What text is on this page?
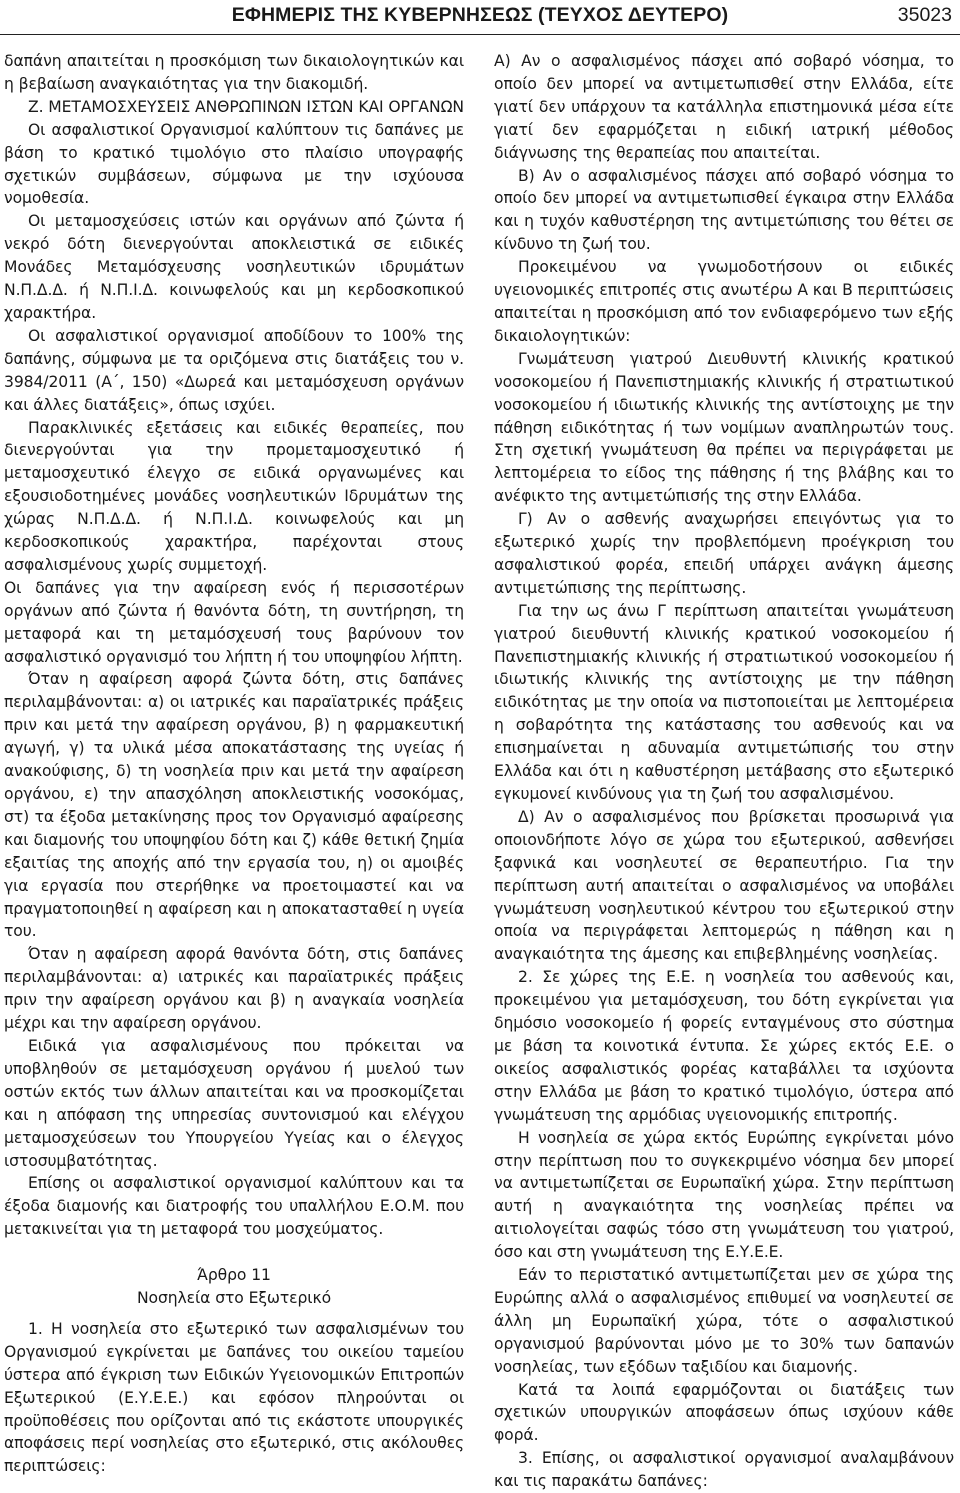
ΕΦΗΜΕΡΙΣ ΤΗΣ ΚΥΒΕΡΝΗΣΕΩΣ (ΤΕΥΧΟΣ ΔΕΥΤΕΡΟ)	35023

δαπάνη απαιτείται η προσκόμιση των δικαιολογητικών και η βεβαίωση αναγκαιότητας για την διακομιδή.

Ζ. ΜΕΤΑΜΟΣΧΕΥΣΕΙΣ ΑΝΘΡΩΠΙΝΩΝ ΙΣΤΩΝ ΚΑΙ ΟΡΓΑΝΩΝ

Οι ασφαλιστικοί Οργανισμοί καλύπτουν τις δαπάνες με βάση το κρατικό τιμολόγιο στο πλαίσιο υπογραφής σχετικών συμβάσεων, σύμφωνα με την ισχύουσα νομοθεσία.

Οι μεταμοσχεύσεις ιστών και οργάνων από ζώντα ή νεκρό δότη διενεργούνται αποκλειστικά σε ειδικές Μονάδες Μεταμόσχευσης νοσηλευτικών ιδρυμάτων Ν.Π.Δ.Δ. ή Ν.Π.Ι.Δ. κοινωφελούς και μη κερδοσκοπικού χαρακτήρα.

Οι ασφαλιστικοί οργανισμοί αποδίδουν το 100% της δαπάνης, σύμφωνα με τα οριζόμενα στις διατάξεις του ν. 3984/2011 (Α΄, 150) «Δωρεά και μεταμόσχευση οργάνων και άλλες διατάξεις», όπως ισχύει.

Παρακλινικές εξετάσεις και ειδικές θεραπείες, που διενεργούνται για την προμεταμοσχευτικό ή μεταμοσχευτικό έλεγχο σε ειδικά οργανωμένες και εξουσιοδοτημένες μονάδες νοσηλευτικών Ιδρυμάτων της χώρας Ν.Π.Δ.Δ. ή Ν.Π.Ι.Δ. κοινωφελούς και μη κερδοσκοπικούς χαρακτήρα, παρέχονται στους ασφαλισμένους χωρίς συμμετοχή.

Οι δαπάνες για την αφαίρεση ενός ή περισσοτέρων οργάνων από ζώντα ή θανόντα δότη, τη συντήρηση, τη μεταφορά και τη μεταμόσχευσή τους βαρύνουν τον ασφαλιστικό οργανισμό του λήπτη ή του υποψηφίου λήπτη.

Όταν η αφαίρεση αφορά ζώντα δότη, στις δαπάνες περιλαμβάνονται: α) οι ιατρικές και παραϊατρικές πράξεις πριν και μετά την αφαίρεση οργάνου, β) η φαρμακευτική αγωγή, γ) τα υλικά μέσα αποκατάστασης της υγείας ή ανακούφισης, δ) τη νοσηλεία πριν και μετά την αφαίρεση οργάνου, ε) την απασχόληση αποκλειστικής νοσοκόμας, στ) τα έξοδα μετακίνησης προς τον Οργανισμό αφαίρεσης και διαμονής του υποψηφίου δότη και ζ) κάθε θετική ζημία εξαιτίας της αποχής από την εργασία του, η) οι αμοιβές για εργασία που στερήθηκε να προετοιμαστεί και να πραγματοποιηθεί η αφαίρεση και η αποκατασταθεί η υγεία του.

Όταν η αφαίρεση αφορά θανόντα δότη, στις δαπάνες περιλαμβάνονται: α) ιατρικές και παραϊατρικές πράξεις πριν την αφαίρεση οργάνου και β) η αναγκαία νοσηλεία μέχρι και την αφαίρεση οργάνου.

Ειδικά για ασφαλισμένους που πρόκειται να υποβληθούν σε μεταμόσχευση οργάνου ή μυελού των οστών εκτός των άλλων απαιτείται και να προσκομίζεται και η απόφαση της υπηρεσίας συντονισμού και ελέγχου μεταμοσχεύσεων του Υπουργείου Υγείας και ο έλεγχος ιστοσυμβατότητας.

Επίσης οι ασφαλιστικοί οργανισμοί καλύπτουν και τα έξοδα διαμονής και διατροφής του υπαλλήλου Ε.Ο.Μ. που μετακινείται για τη μεταφορά του μοσχεύματος.

Άρθρο 11

Νοσηλεία στο Εξωτερικό

1. Η νοσηλεία στο εξωτερικό των ασφαλισμένων του Οργανισμού εγκρίνεται με δαπάνες του οικείου ταμείου ύστερα από έγκριση των Ειδικών Υγειονομικών Επιτροπών Εξωτερικού (Ε.Υ.Ε.Ε.) και εφόσον πληρούνται οι προϋποθέσεις που ορίζονται από τις εκάστοτε υπουργικές αποφάσεις περί νοσηλείας στο εξωτερικό, στις ακόλουθες περιπτώσεις:

Α) Αν ο ασφαλισμένος πάσχει από σοβαρό νόσημα, το οποίο δεν μπορεί να αντιμετωπισθεί στην Ελλάδα, είτε γιατί δεν υπάρχουν τα κατάλληλα επιστημονικά μέσα είτε γιατί δεν εφαρμόζεται η ειδική ιατρική μέθοδος διάγνωσης της θεραπείας που απαιτείται.

Β) Αν ο ασφαλισμένος πάσχει από σοβαρό νόσημα το οποίο δεν μπορεί να αντιμετωπισθεί έγκαιρα στην Ελλάδα και η τυχόν καθυστέρηση της αντιμετώπισης του θέτει σε κίνδυνο τη ζωή του.

Προκειμένου να γνωμοδοτήσουν οι ειδικές υγειονομικές επιτροπές στις ανωτέρω Α και Β περιπτώσεις απαιτείται η προσκόμιση από τον ενδιαφερόμενο των εξής δικαιολογητικών:

Γνωμάτευση γιατρού Διευθυντή κλινικής κρατικού νοσοκομείου ή Πανεπιστημιακής κλινικής ή στρατιωτικού νοσοκομείου ή ιδιωτικής κλινικής της αντίστοιχης με την πάθηση ειδικότητας ή των νομίμων αναπληρωτών τους. Στη σχετική γνωμάτευση θα πρέπει να περιγράφεται με λεπτομέρεια το είδος της πάθησης ή της βλάβης και το ανέφικτο της αντιμετώπισής της στην Ελλάδα.

Γ) Αν ο ασθενής αναχωρήσει επειγόντως για το εξωτερικό χωρίς την προβλεπόμενη προέγκριση του ασφαλιστικού φορέα, επειδή υπάρχει ανάγκη άμεσης αντιμετώπισης της περίπτωσης.

Για την ως άνω Γ περίπτωση απαιτείται γνωμάτευση γιατρού διευθυντή κλινικής κρατικού νοσοκομείου ή Πανεπιστημιακής κλινικής ή στρατιωτικού νοσοκομείου ή ιδιωτικής κλινικής της αντίστοιχης με την πάθηση ειδικότητας με την οποία να πιστοποιείται με λεπτομέρεια η σοβαρότητα της κατάστασης του ασθενούς και να επισημαίνεται η αδυναμία αντιμετώπισής του στην Ελλάδα και ότι η καθυστέρηση μετάβασης στο εξωτερικό εγκυμονεί κινδύνους για τη ζωή του ασφαλισμένου.

Δ) Αν ο ασφαλισμένος που βρίσκεται προσωρινά για οποιονδήποτε λόγο σε χώρα του εξωτερικού, ασθενήσει ξαφνικά και νοσηλευτεί σε θεραπευτήριο. Για την περίπτωση αυτή απαιτείται ο ασφαλισμένος να υποβάλει γνωμάτευση νοσηλευτικού κέντρου του εξωτερικού στην οποία να περιγράφεται λεπτομερώς η πάθηση και η αναγκαιότητα της άμεσης και επιβεβλημένης νοσηλείας.

2. Σε χώρες της Ε.Ε. η νοσηλεία του ασθενούς και, προκειμένου για μεταμόσχευση, του δότη εγκρίνεται για δημόσιο νοσοκομείο ή φορείς ενταγμένους στο σύστημα με βάση τα κοινοτικά έντυπα. Σε χώρες εκτός Ε.Ε. ο οικείος ασφαλιστικός φορέας καταβάλλει τα ισχύοντα στην Ελλάδα με βάση το κρατικό τιμολόγιο, ύστερα από γνωμάτευση της αρμόδιας υγειονομικής επιτροπής.

Η νοσηλεία σε χώρα εκτός Ευρώπης εγκρίνεται μόνο στην περίπτωση που το συγκεκριμένο νόσημα δεν μπορεί να αντιμετωπίζεται σε Ευρωπαϊκή χώρα. Στην περίπτωση αυτή η αναγκαιότητα της νοσηλείας πρέπει να αιτιολογείται σαφώς τόσο στη γνωμάτευση του γιατρού, όσο και στη γνωμάτευση της Ε.Υ.Ε.Ε.

Εάν το περιστατικό αντιμετωπίζεται μεν σε χώρα της Ευρώπης αλλά ο ασφαλισμένος επιθυμεί να νοσηλευτεί σε άλλη μη Ευρωπαϊκή χώρα, τότε ο ασφαλιστικού οργανισμού βαρύνονται μόνο με το 30% των δαπανών νοσηλείας, των εξόδων ταξιδίου και διαμονής.

Κατά τα λοιπά εφαρμόζονται οι διατάξεις των σχετικών υπουργικών αποφάσεων όπως ισχύουν κάθε φορά.

3. Επίσης, οι ασφαλιστικοί οργανισμοί αναλαμβάνουν και τις παρακάτω δαπάνες:
